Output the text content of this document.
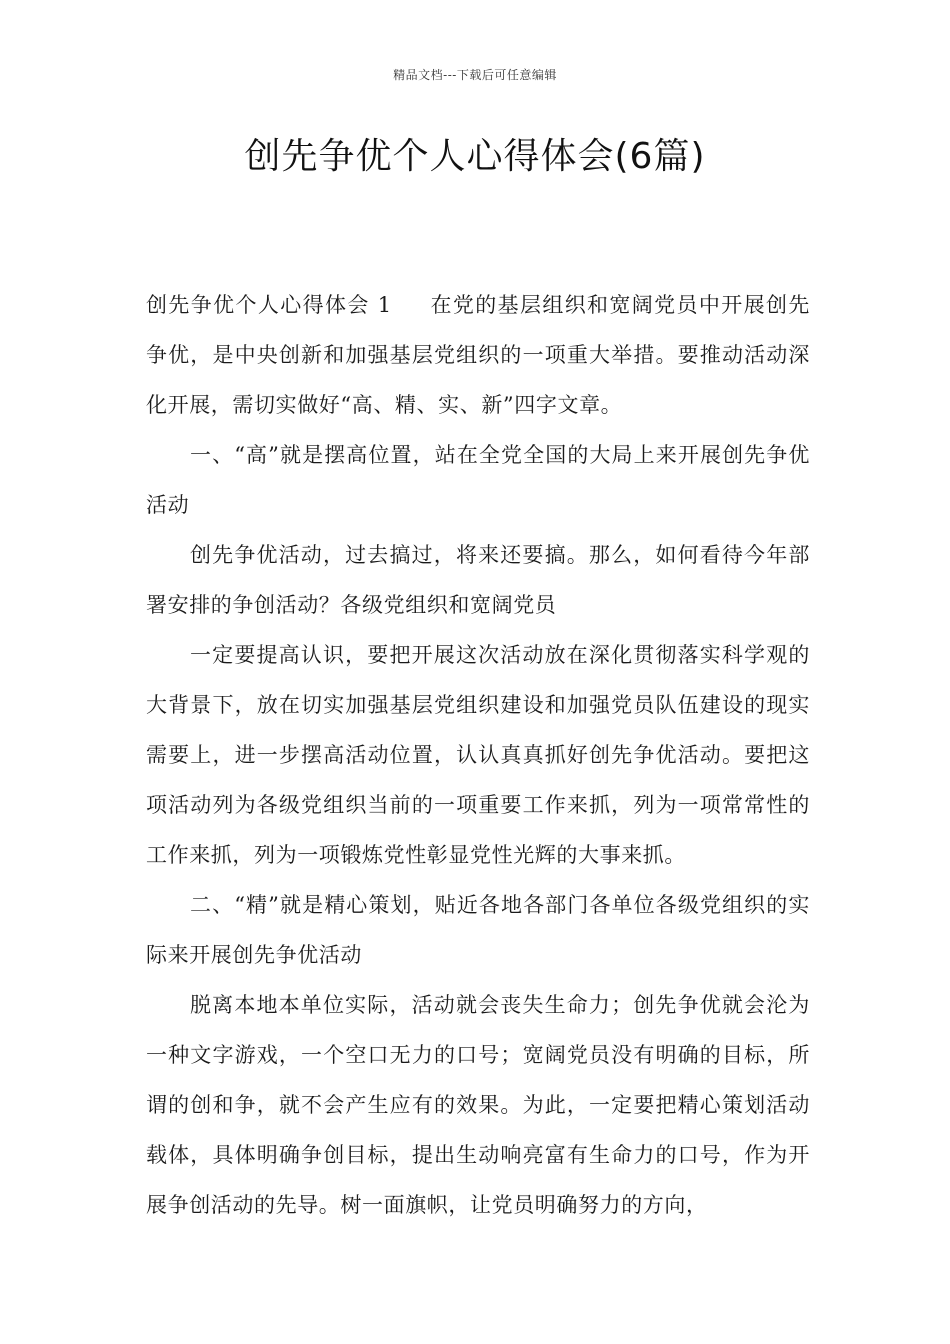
精品文档---下载后可任意编辑
创先争优个人心得体会(6篇)

创先争优个人心得体会 1 在党的基层组织和宽阔党员中开展创先争优，是中央创新和加强基层党组织的一项重大举措。要推动活动深化开展，需切实做好“高、精、实、新”四字文章。

一、“高”就是摆高位置，站在全党全国的大局上来开展创先争优活动

创先争优活动，过去搞过，将来还要搞。那么，如何看待今年部署安排的争创活动？各级党组织和宽阔党员

一定要提高认识，要把开展这次活动放在深化贯彻落实科学观的大背景下，放在切实加强基层党组织建设和加强党员队伍建设的现实需要上，进一步摆高活动位置，认认真真抓好创先争优活动。要把这项活动列为各级党组织当前的一项重要工作来抓，列为一项常常性的工作来抓，列为一项锻炼党性彰显党性光辉的大事来抓。

二、“精”就是精心策划，贴近各地各部门各单位各级党组织的实际来开展创先争优活动

脱离本地本单位实际，活动就会丧失生命力；创先争优就会沦为一种文字游戏，一个空口无力的口号；宽阔党员没有明确的目标，所谓的创和争，就不会产生应有的效果。为此，一定要把精心策划活动载体，具体明确争创目标，提出生动响亮富有生命力的口号，作为开展争创活动的先导。树一面旗帜，让党员明确努力的方向，
